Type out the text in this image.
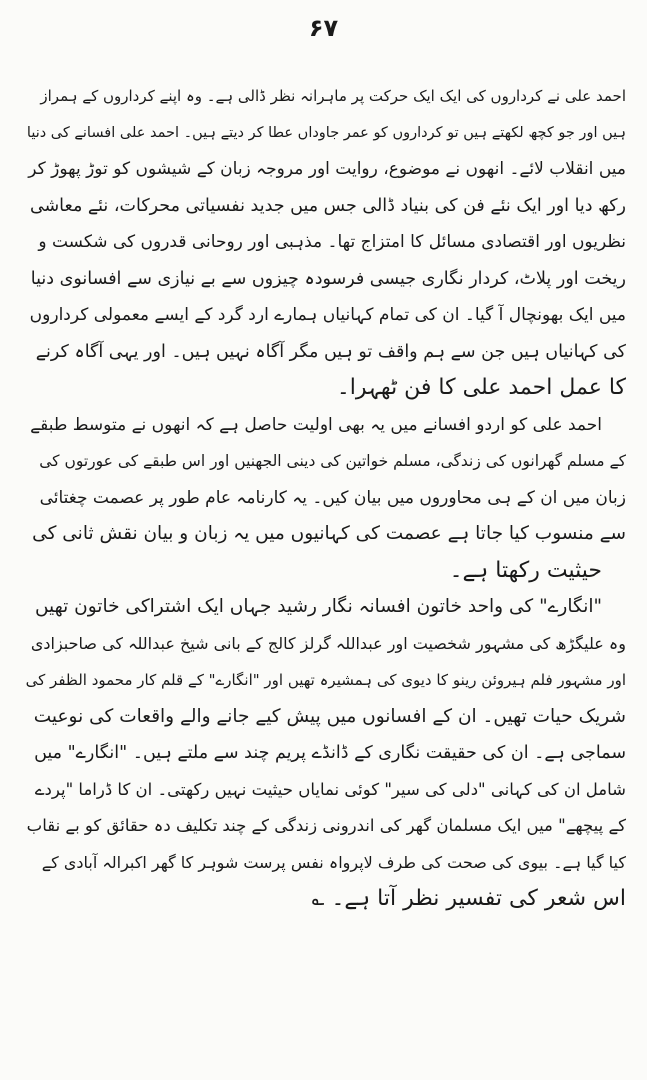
۶۷
احمد علی نے کرداروں کی ایک ایک حرکت پر ماہرانہ نظر ڈالی ہے۔ وہ اپنے کرداروں کے ہمراز
ہیں اور جو کچھ لکھتے ہیں تو کرداروں کو عمر جاوداں عطا کر دیتے ہیں۔ احمد علی افسانے کی دنیا
میں انقلاب لائے۔ انھوں نے موضوع، روایت اور مروجہ زبان کے شیشوں کو توڑ پھوڑ کر
رکھ دیا اور ایک نئے فن کی بنیاد ڈالی جس میں جدید نفسیاتی محرکات، نئے معاشی
نظریوں اور اقتصادی مسائل کا امتزاج تھا۔ مذہبی اور روحانی قدروں کی شکست و
ریخت اور پلاٹ، کردار نگاری جیسی فرسودہ چیزوں سے بے نیازی سے افسانوی دنیا
میں ایک بھونچال آ گیا۔ ان کی تمام کہانیاں ہمارے ارد گرد کے ایسے معمولی کرداروں
کی کہانیاں ہیں جن سے ہم واقف تو ہیں مگر آگاہ نہیں ہیں۔ اور یہی آگاہ کرنے
کا عمل احمد علی کا فن ٹھہرا۔
احمد علی کو اردو افسانے میں یہ بھی اولیت حاصل ہے کہ انھوں نے متوسط طبقے
کے مسلم گھرانوں کی زندگی، مسلم خواتین کی دینی الجھنیں اور اس طبقے کی عورتوں کی
زبان میں ان کے ہی محاوروں میں بیان کیں۔ یہ کارنامہ عام طور پر عصمت چغتائی
سے منسوب کیا جاتا ہے عصمت کی کہانیوں میں یہ زبان و بیان نقش ثانی کی
حیثیت رکھتا ہے۔
"انگارے" کی واحد خاتون افسانہ نگار رشید جہاں ایک اشتراکی خاتون تھیں
وہ علیگڑھ کی مشہور شخصیت اور عبداللہ گرلز کالج کے بانی شیخ عبداللہ کی صاحبزادی
اور مشہور فلم ہیروئن رینو کا دیوی کی ہمشیرہ تھیں اور "انگارے" کے قلم کار محمود الظفر کی
شریک حیات تھیں۔ ان کے افسانوں میں پیش کیے جانے والے واقعات کی نوعیت
سماجی ہے۔ ان کی حقیقت نگاری کے ڈانڈے پریم چند سے ملتے ہیں۔ "انگارے" میں
شامل ان کی کہانی "دلی کی سیر" کوئی نمایاں حیثیت نہیں رکھتی۔ ان کا ڈراما "پردے
کے پیچھے" میں ایک مسلمان گھر کی اندرونی زندگی کے چند تکلیف دہ حقائق کو بے نقاب
کیا گیا ہے۔ بیوی کی صحت کی طرف لاپرواہ نفس پرست شوہر کا گھر اکبرالہ آبادی کے
اس شعر کی تفسیر نظر آتا ہے۔ ؎
